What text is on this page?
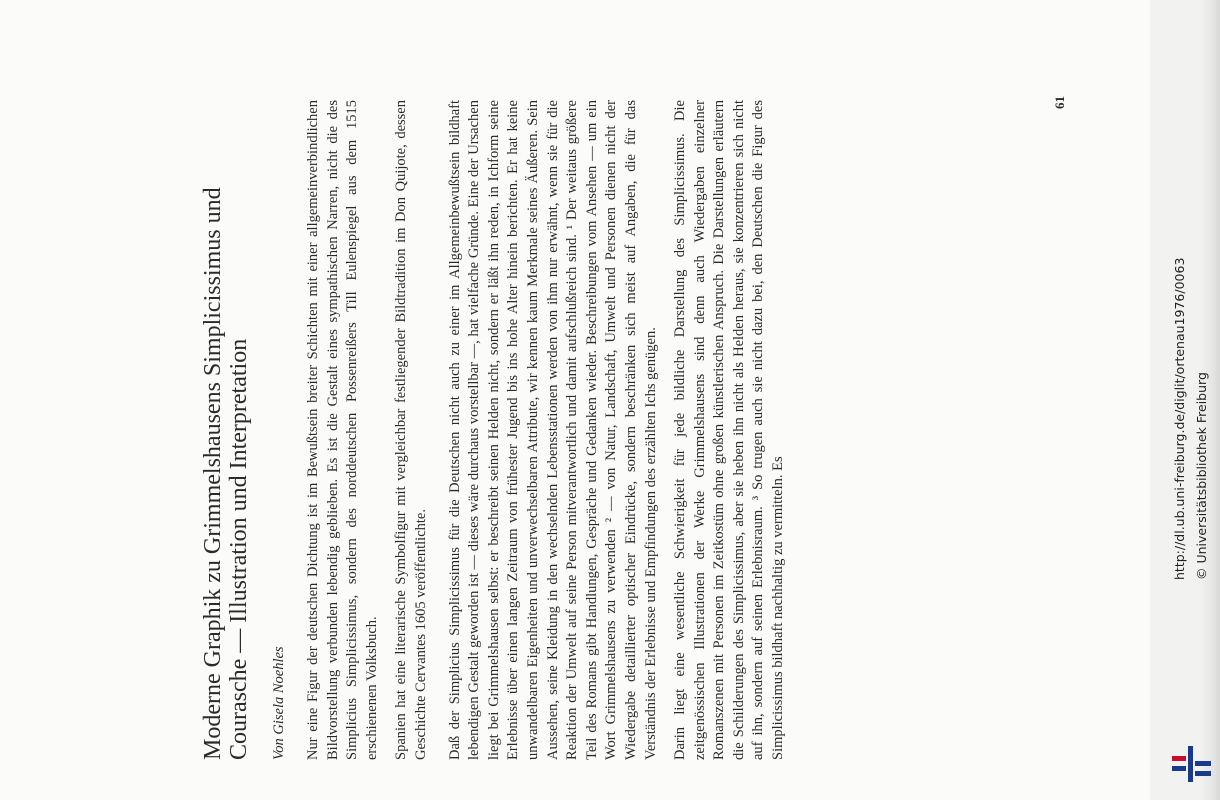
Moderne Graphik zu Grimmelshausens Simplicissimus und
Courasche — Illustration und Interpretation Von Gisela Noehles Nur eine Figur der deutschen Dichtung ist im Bewußtsein breiter Schichten mit einer allgemeinverbindlichen Bildvorstellung verbunden lebendig geblieben. Es ist die Gestalt eines sympathischen Narren, nicht die des Simplicius Simplicissimus, sondern des norddeutschen Possenreißers Till Eulenspiegel aus dem 1515 erschienenen Volksbuch. Spanien hat eine literarische Symbolfigur mit vergleichbar festliegender Bildtradition im Don Quijote, dessen Geschichte Cervantes 1605 veröffentlichte. Daß der Simplicius Simplicissimus für die Deutschen nicht auch zu einer im Allgemeinbewußtsein bildhaft lebendigen Gestalt geworden ist — dieses wäre durchaus vorstellbar —, hat vielfache Gründe. Eine der Ursachen liegt bei Grimmelshausen selbst: er beschreibt seinen Helden nicht, sondern er läßt ihn reden, in Ichform seine Erlebnisse über einen langen Zeitraum von frühester Jugend bis ins hohe Alter hinein berichten. Er hat keine unwandelbaren Eigenheiten und unverwechselbaren Attribute, wir kennen kaum Merkmale seines Äußeren. Sein Aussehen, seine Kleidung in den wechselnden Lebensstationen werden von ihm nur erwähnt, wenn sie für die Reaktion der Umwelt auf seine Person mitverantwortlich und damit aufschlußreich sind. ¹ Der weitaus größere Teil des Romans gibt Handlungen, Gespräche und Gedanken wieder. Beschreibungen vom Ansehen — um ein Wort Grimmelshausens zu verwenden ² — von Natur, Landschaft, Umwelt und Personen dienen nicht der Wiedergabe detaillierter optischer Eindrücke, sondern beschränken sich meist auf Angaben, die für das Verständnis der Erlebnisse und Empfindungen des erzählten Ichs genügen. Darin liegt eine wesentliche Schwierigkeit für jede bildliche Darstellung des Simplicissimus. Die zeitgenössischen Illustrationen der Werke Grimmelshausens sind denn auch Wiedergaben einzelner Romanszenen mit Personen im Zeitkostüm ohne großen künstlerischen Anspruch. Die Darstellungen erläutern die Schilderungen des Simplicissimus, aber sie heben ihn nicht als Helden heraus, sie konzentrieren sich nicht auf ihn, sondern auf seinen Erlebnisraum. ³ So trugen auch sie nicht dazu bei, den Deutschen die Figur des Simplicissimus bildhaft nachhaltig zu vermitteln. Es

61
http://dl.ub.uni-freiburg.de/diglit/ortenau1976/0063 © Universitätsbibliothek Freiburg
